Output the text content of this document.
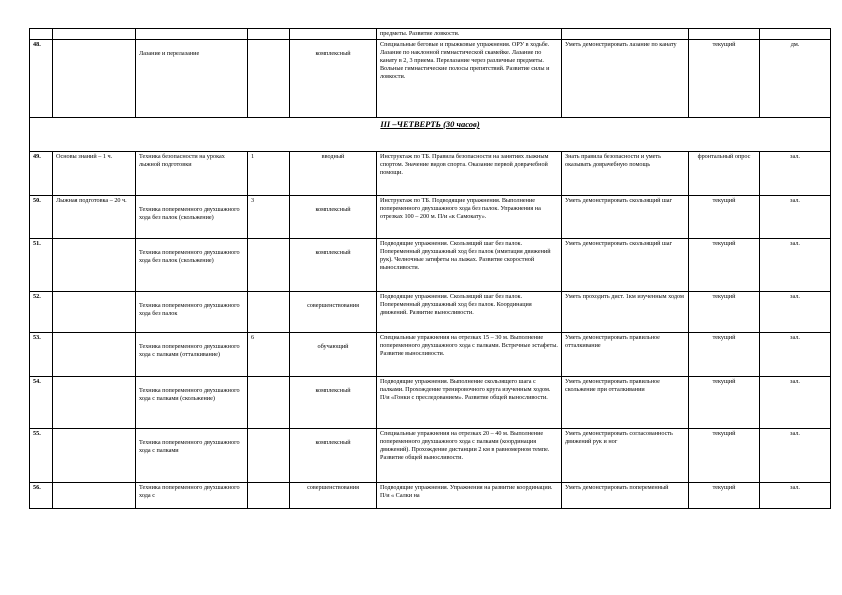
					предметы. Развитие ловкости.			
48.		Лазание и перелазание		комплексный	Специальные беговые и прыжковые упражнения. ОРУ в ходьбе. Лазание по наклонной гимнастической скамейке. Лазание по канату в 2, 3 приема. Перелазание через различные предметы. Вольные гимнастические полосы препятствий. Развитие силы и ловкости.	Уметь демонстрировать лазание по канату	текущий	дм.
III –ЧЕТВЕРТЬ (30 часов)								
49.	Основы знаний – 1 ч.	Техника безопасности на уроках лыжной подготовки	1	вводный	Инструктаж по ТБ. Правила безопасности на занятиях лыжным спортом. Значение видов спорта. Оказание первой доврачебной помощи.	Знать правила безопасности и уметь оказывать доврачебную помощь	фронтальный опрос	зал.
50.	Лыжная подготовка – 20 ч.	Техника попеременного двухшажного хода без палок (скольжение)	3	комплексный	Инструктаж по ТБ. Подводящие упражнения. Выполнение попеременного двухшажного хода без палок. Упражнения на отрезках 100 – 200 м. П/и «к Самокату».	Уметь демонстрировать скользящий шаг	текущий	зал.
51.		Техника попеременного двухшажного хода без палок (скольжение)		комплексный	Подводящие упражнения. Скользящий шаг без палок. Попеременный двухшажный ход без палок (имитация движений рук). Челночные затяфеты на лыжах. Развитие скоростной выносливости.	Уметь демонстрировать скользящий шаг	текущий	зал.
52.		Техника попеременного двухшажного хода без палок		совершенствования	Подводящие упражнения. Скользящий шаг без палок. Попеременный двухшажный ход без палок. Координация движений. Развитие выносливости.	Уметь проходить дист. 1км изученным ходом	текущий	зал.
53.		Техника попеременного двухшажного хода с палками (отталкивание)	6	обучающий	Специальные упражнения на отрезках 15 – 30 м. Выполнение попеременного двухшажного хода с палками. Встречные эстафеты. Развитие выносливости.	Уметь демонстрировать правильное отталкивание	текущий	зал.
54.		Техника попеременного двухшажного хода с палками (скольжение)		комплексный	Подводящие упражнения. Выполнение скользящего шага с палками. Прохождение тренировочного круга изученным ходом. П/и «Гонки с преследованием». Развитие общей выносливости.	Уметь демонстрировать правильное скольжение при отталкивании	текущий	зал.
55.		Техника попеременного двухшажного хода с палками		комплексный	Специальные упражнения на отрезках 20 – 40 м. Выполнение попеременного двухшажного хода с палками (координация движений). Прохождение дистанции 2 км в равномерном темпе. Развитие общей выносливости.	Уметь демонстрировать согласованность движений рук и ног	текущий	зал.
56.		Техника попеременного двухшажного хода с		совершенствования	Подводящие упражнения. Упражнения на развитие координации. П/и « Салки на	Уметь демонстрировать попеременный	текущий	зал.
